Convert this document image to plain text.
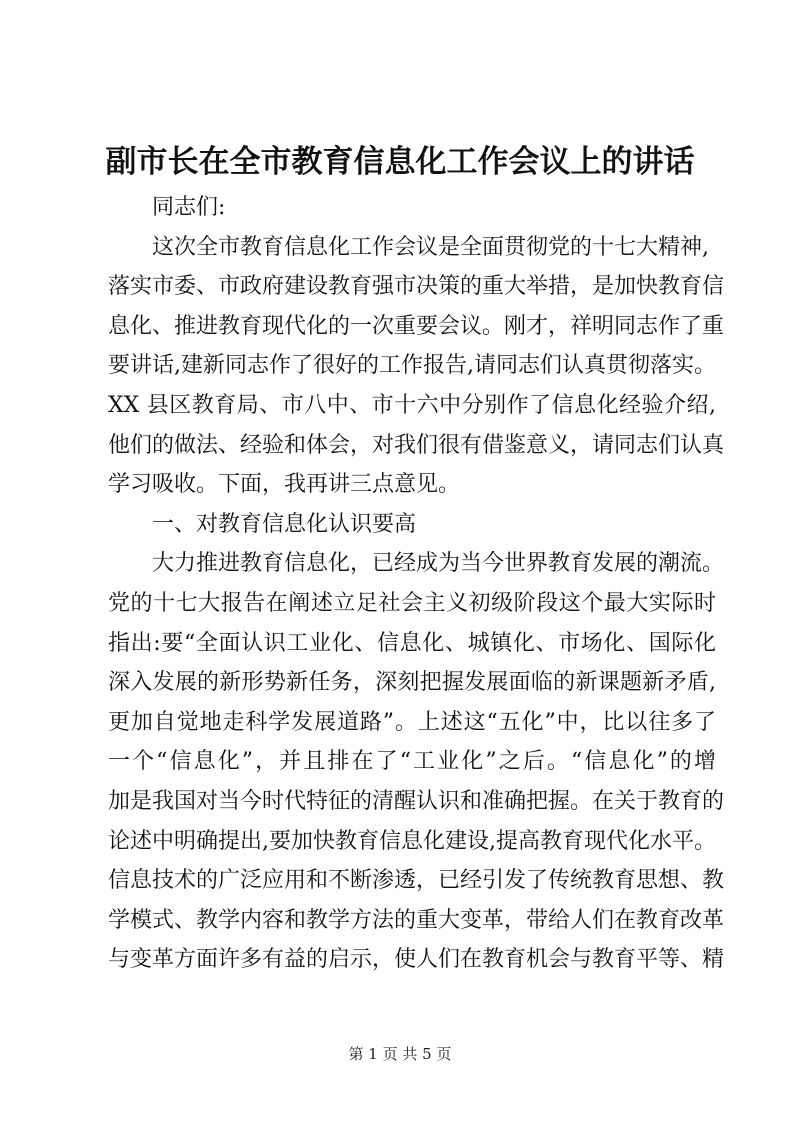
副市长在全市教育信息化工作会议上的讲话
同志们:
这次全市教育信息化工作会议是全面贯彻党的十七大精神,
落实市委、市政府建设教育强市决策的重大举措，是加快教育信
息化、推进教育现代化的一次重要会议。刚才，祥明同志作了重
要讲话,建新同志作了很好的工作报告,请同志们认真贯彻落实。
XX 县区教育局、市八中、市十六中分别作了信息化经验介绍,
他们的做法、经验和体会，对我们很有借鉴意义，请同志们认真
学习吸收。下面，我再讲三点意见。
一、对教育信息化认识要高
大力推进教育信息化，已经成为当今世界教育发展的潮流。
党的十七大报告在阐述立足社会主义初级阶段这个最大实际时
指出:要“全面认识工业化、信息化、城镇化、市场化、国际化
深入发展的新形势新任务，深刻把握发展面临的新课题新矛盾,
更加自觉地走科学发展道路”。上述这“五化”中，比以往多了
一个“信息化”，并且排在了“工业化”之后。“信息化”的增
加是我国对当今时代特征的清醒认识和准确把握。在关于教育的
论述中明确提出,要加快教育信息化建设,提高教育现代化水平。
信息技术的广泛应用和不断渗透，已经引发了传统教育思想、教
学模式、教学内容和教学方法的重大变革，带给人们在教育改革
与变革方面许多有益的启示，使人们在教育机会与教育平等、精
第 1 页 共 5 页
